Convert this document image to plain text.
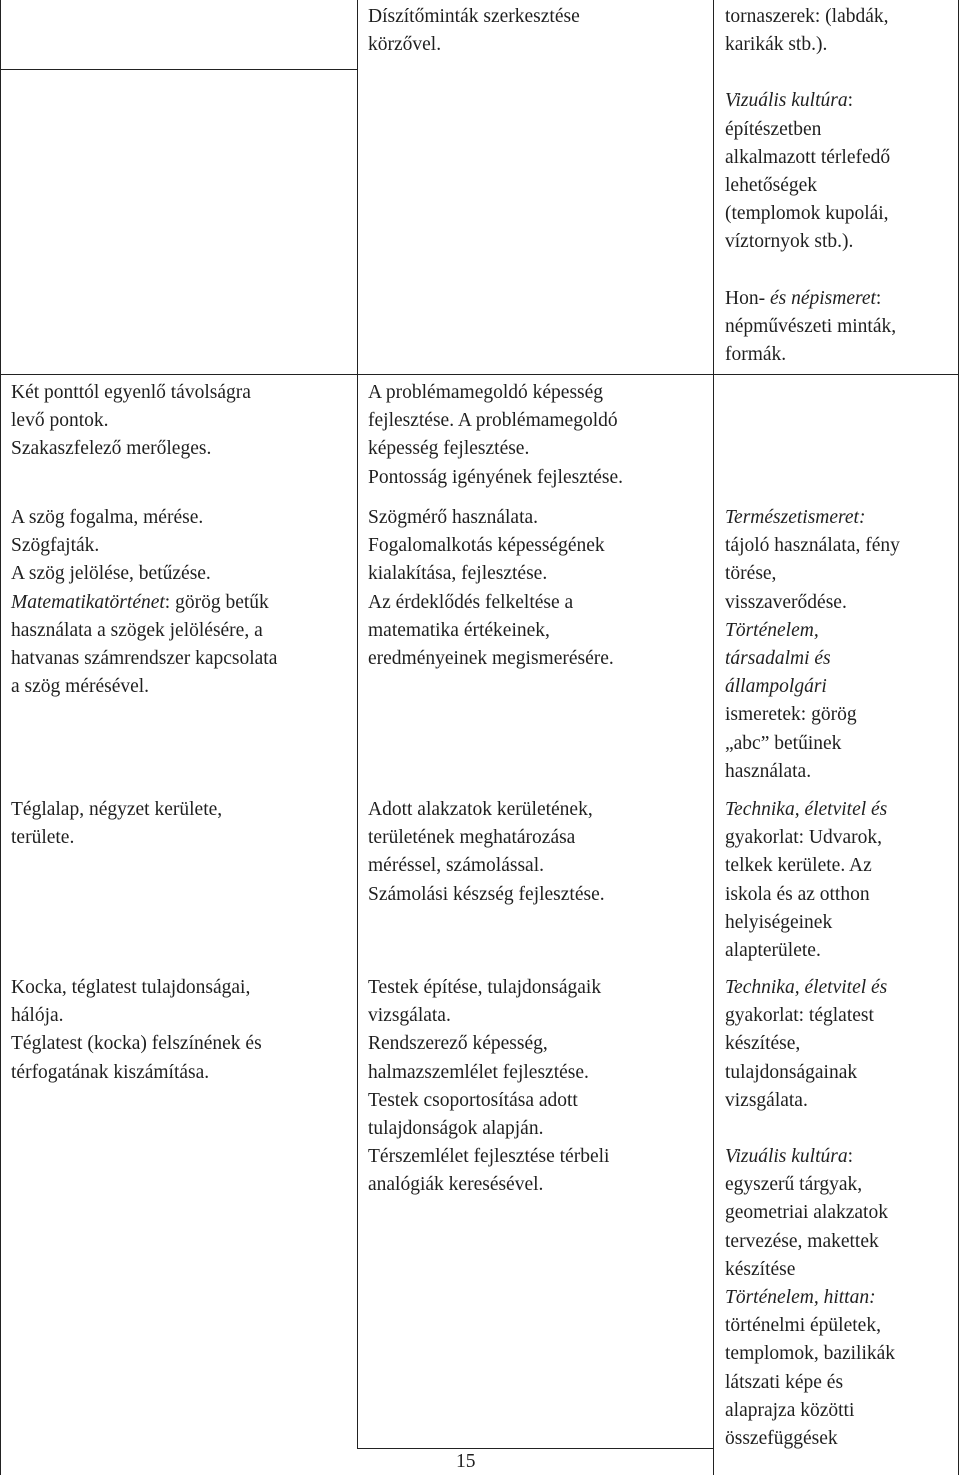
Két ponttól egyenlő távolságra

levő pontok.

Szakaszfelező merőleges.

A szög fogalma, mérése.

Szögfajták.

A szög jelölése, betűzése.

Matematikatörténet: görög betűk

használata a szögek jelölésére, a

hatvanas számrendszer kapcsolata

a szög mérésével.

Téglalap, négyzet kerülete,

területe.

Kocka, téglatest tulajdonságai,

hálója.

Téglatest (kocka) felszínének és

térfogatának kiszámítása.

Díszítőminták szerkesztése

körzővel.

A problémamegoldó képesség

fejlesztése. A problémamegoldó

képesség fejlesztése.

Pontosság igényének fejlesztése.

Szögmérő használata.

Fogalomalkotás képességének

kialakítása, fejlesztése.

Az érdeklődés felkeltése a

matematika értékeinek,

eredményeinek megismerésére.

Adott alakzatok kerületének,

területének meghatározása

méréssel, számolással.

Számolási készség fejlesztése.

Testek építése, tulajdonságaik

vizsgálata.

Rendszerező képesség,

halmazszemlélet fejlesztése.

Testek csoportosítása adott

tulajdonságok alapján.

Térszemlélet fejlesztése térbeli

analógiák keresésével.

tornaszerek: (labdák,

karikák stb.).

Vizuális kultúra:

építészetben

alkalmazott térlefedő

lehetőségek

(templomok kupolái,

víztornyok stb.).

Hon- és népismeret:

népművészeti minták,

formák.

Természetismeret:

tájoló használata, fény

törése,

visszaverődése.

Történelem,

társadalmi és

állampolgári

ismeretek: görög

„abc” betűinek

használata.

Technika, életvitel és

gyakorlat: Udvarok,

telkek kerülete. Az

iskola és az otthon

helyiségeinek

alapterülete.

Technika, életvitel és

gyakorlat: téglatest

készítése,

tulajdonságainak

vizsgálata.

Vizuális kultúra:

egyszerű tárgyak,

geometriai alakzatok

tervezése, makettek

készítése

Történelem, hittan:

történelmi épületek,

templomok, bazilikák

látszati képe és

alaprajza közötti

összefüggések

15
